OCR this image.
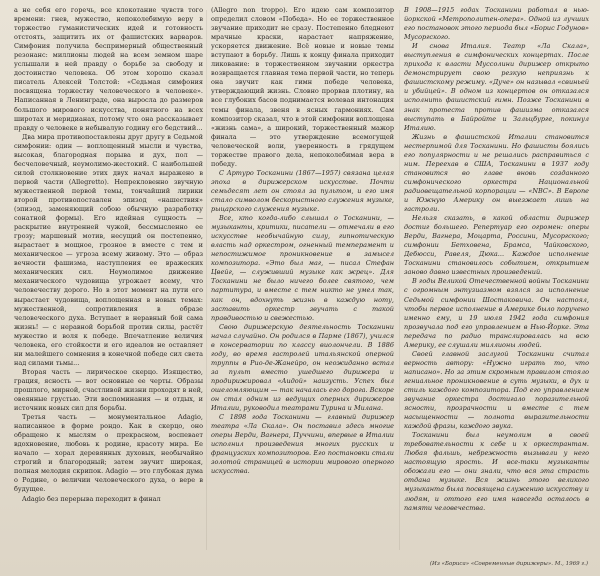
а не себя его горечь, все клокотание чувств того времени: гнев, мужество, непоколебимую веру в торжество гуманистических идей и готовность отстоять, защитить их от фашистских варваров. Симфония получила беспримерный общественный резонанс: миллионы людей на всем земном шаре услышали в ней правду о борьбе за свободу и достоинство человека. Об этом хорошо сказал писатель Алексей Толстой: «Седьмая симфония посвящена торжеству человеческого в человеке». Написанная в Ленинграде, она выросла до размеров большого мирового искусства, понятного на всех широтах и меридианах, потому что она рассказывает правду о человеке в небывалую годину его бедствий...

Два мира противопоставлены друг другу в Седьмой симфонии: один — воплощенный мысли и чувства, высокая, благородная порыва и дух, пол — бесчеловечный, неумолимо-жестокий. С наибольшей силой столкновение этих двух начал выражено в первой части (Allegretto). Непрекловенно звучную мужественной первой темы, тончайший лирики второй противопоставлен эпизод «нашествия» (эпизод, заменяющий собою обычную разработку сонатной формы). Его идейная сущность — раскрытие внутренней чужой, бессмысленно ее грозу; маршевый мотив, несущий он постепенно, вырастает в мощное, грозное в вместе с тем и механическое — угроза всему живому. Это — образ вечности фашизма, наступления ее вражеских механических сил. Неумолимое движение механического чудовища угрожает всему, что человечеству дорого. Но в этот момент на пути его вырастает чудовища, воплощенная в новых темах: мужественной, сопротивления в образе человеческого духа. Вступает в неравный бой сама жизнь! — с неравной борьбой против силы, растёт мужество и воля к победе. Впечатление величия человека, его стойкости и его идеалов не оставляет ни малейшего сомнения в конечной победе сил света над силами тьмы...

Вторая часть — лирическое скерцо. Изящество, грация, ясность — вот основные ее черты. Образы прошлого, мирной, счастливой жизни проходят в ней, овеянные грустью. Эти воспоминания — и отдых, и источник новых сил для борьбы.

Третья часть — монументальное Adagio, написанное в форме рондо. Как в скерцо, оно обращено к мыслям о прекрасном, воспевает вдохновение, любовь к родине, красоту мира. Ее начало — хорал деревянных духовых, необычайно строгий и благородный; затем звучит широкая, полная мелодия скрипок. Adagio — это глубокая дума о Родине, о величии человеческого духа, о вере в будущее.

Adagio без перерыва переходит в финал

(Allegro non troppo). Его идею сам композитор определил словом «Победа». Но ее торжественное звучание приходит не сразу. Постепенно бледнеют мрачные краски, нарастает напряжение, ускоряется движение. Всё новые и новые темы вступают в борьбу. Лишь к концу финала приходит ликование: в торжественном звучании оркестра возвращается главная тема первой части, но теперь она звучит как гимн победе человека, утверждающий жизнь. Словно прорвав плотину, на все глубоких басов поднимается волевая интонация темы финала, звеня в ясных гармониях. Сам композитор сказал, что в этой симфонии воплощена «жизнь сама», а широкий, торжественный мажор финала — это утверждение всемогущей человеческой воли, уверенность в грядущем торжестве правого дела, непоколебимая вера в победу.

С Артуро Тосканини (1867—1957) связана целая эпоха в дирижерском искусстве. Почти семьдесят лет он стоял за пультом, и его имя стало символом бескорыстного служения музыке, рыцарского служения музыке.

Все, кто когда-либо слышал о Тосканини, — музыканты, критики, писатели — отмечали в его искусстве необычайную силу, гипнотическую власть над оркестром, огненный темперамент и непостижимое проникновение в замысел композитора. «Это был маг, — писал Стефан Цвейг, — служивший музыке как жрец». Для Тосканини не было ничего более святого, чем партитура, и вместе с тем никто не умел так, как он, вдохнуть жизнь в каждую ноту, заставить оркестр звучать с такой правдивостью и свежестью.

Свою дирижерскую деятельность Тосканини начал случайно. Он родился в Парме (1867), учился в консерватории по классу виолончели. В 1886 году, во время гастролей итальянской оперной труппы в Рио-де-Жанейро, он неожиданно встал за пульт вместо ушедшего дирижера и продирижировал «Аидой» наизусть. Успех был ошеломляющим — так началась его дорога. Вскоре он стал одним из ведущих оперных дирижеров Италии, руководил театрами Турина и Милана.

С 1898 года Тосканини — главный дирижер театра «Ла Скала». Он поставил здесь многие оперы Верди, Вагнера, Пуччини, впервые в Италии исполнил произведения многих русских и французских композиторов. Его постановки стали золотой страницей в истории мирового оперного искусства.

В 1908—1915 годах Тосканини работал в нью-йоркской «Метрополитен-опера». Одной из лучших его постановок этого периода был «Борис Годунов» Мусоргского.

И снова Италия. Театр «Ла Скала», выступления в симфонических концертах. После прихода к власти Муссолини дирижер открыто демонстрирует свою резкую неприязнь к фашистскому режиму. «Дуче» он называл «свиньей и убийцей». В одном из концертов он отказался исполнить фашистский гимн. Позже Тосканини в знак протеста против фашизма отказался выступать в Байройте и Зальцбурге, покинул Италию.

Жизнь в фашистской Италии становится нестерпимой для Тосканини. Но фашисты боялись его популярности и не решались расправиться с ним. Переехав в США, Тосканини в 1937 году становится во главе вновь созданного симфонического оркестра Национальной радиовещательной корпорации — «NBC». В Европе и Южную Америку он выезжает лишь на гастроли.

Нельзя сказать, в какой области дирижер достиг большего. Репертуар его огромен: оперы Верди, Вагнера, Моцарта, Россини, Мусоргского; симфонии Бетховена, Брамса, Чайковского, Дебюсси, Равеля, Дюка... Каждое исполнение Тосканини становилось событием, открытием заново давно известных произведений.

В годы Великой Отечественной войны Тосканини с огромным энтузиазмом взялся за исполнение Седьмой симфонии Шостаковича. Он настоял, чтобы первое исполнение в Америке было поручено именно ему, и 19 июля 1942 года симфония прозвучала под его управлением в Нью-Йорке. Эта передача по радио транслировалась на всю Америку, ее слушали миллионы людей.

Своей главной заслугой Тосканини считал верность автору: «Нужно играть то, что написано». Но за этим скромным правилом стояло гениальное проникновение в суть музыки, в дух и стиль каждого композитора. Под его управлением звучание оркестра достигало поразительной ясности, прозрачности и вместе с тем насыщенности — полнота выразительности каждой фразы, каждого звука.

Тосканини был неумолим в своей требовательности к себе и к оркестрантам. Любая фальшь, небрежность вызывали у него настоящую ярость. И все-таки музыканты обожали его — они знали, что вся эта страсть отдана музыке. Вся жизнь этого великого музыканта была посвящена служению искусству и людям, и оттого его имя навсегда осталось в памяти человечества.

(Из «Бориса» «Современные дирижеры». М., 1969 г.)
